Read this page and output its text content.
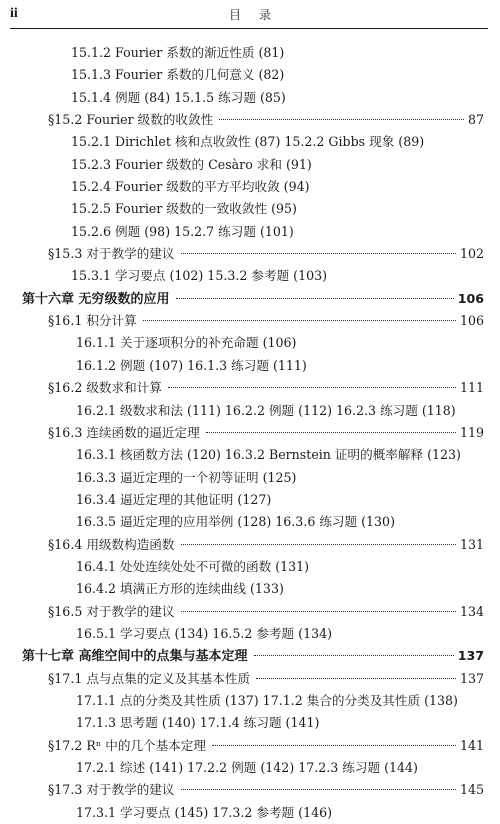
ii	目录
15.1.2 Fourier 系数的渐近性质 (81)
15.1.3 Fourier 系数的几何意义 (82)
15.1.4 例题 (84) 15.1.5 练习题 (85)
§15.2 Fourier 级数的收敛性	87
15.2.1 Dirichlet 核和点收敛性 (87) 15.2.2 Gibbs 现象 (89)
15.2.3 Fourier 级数的 Cesàro 求和 (91)
15.2.4 Fourier 级数的平方平均收敛 (94)
15.2.5 Fourier 级数的一致收敛性 (95)
15.2.6 例题 (98) 15.2.7 练习题 (101)
§15.3 对于教学的建议	102
15.3.1 学习要点 (102) 15.3.2 参考题 (103)
第十六章 无穷级数的应用	106
§16.1 积分计算	106
16.1.1 关于逐项积分的补充命题 (106)
16.1.2 例题 (107) 16.1.3 练习题 (111)
§16.2 级数求和计算	111
16.2.1 级数求和法 (111) 16.2.2 例题 (112) 16.2.3 练习题 (118)
§16.3 连续函数的逼近定理	119
16.3.1 核函数方法 (120) 16.3.2 Bernstein 证明的概率解释 (123)
16.3.3 逼近定理的一个初等证明 (125)
16.3.4 逼近定理的其他证明 (127)
16.3.5 逼近定理的应用举例 (128) 16.3.6 练习题 (130)
§16.4 用级数构造函数	131
16.4.1 处处连续处处不可微的函数 (131)
16.4.2 填满正方形的连续曲线 (133)
§16.5 对于教学的建议	134
16.5.1 学习要点 (134) 16.5.2 参考题 (134)
第十七章 高维空间中的点集与基本定理	137
§17.1 点与点集的定义及其基本性质	137
17.1.1 点的分类及其性质 (137) 17.1.2 集合的分类及其性质 (138)
17.1.3 思考题 (140) 17.1.4 练习题 (141)
§17.2 Rⁿ 中的几个基本定理	141
17.2.1 综述 (141) 17.2.2 例题 (142) 17.2.3 练习题 (144)
§17.3 对于教学的建议	145
17.3.1 学习要点 (145) 17.3.2 参考题 (146)
